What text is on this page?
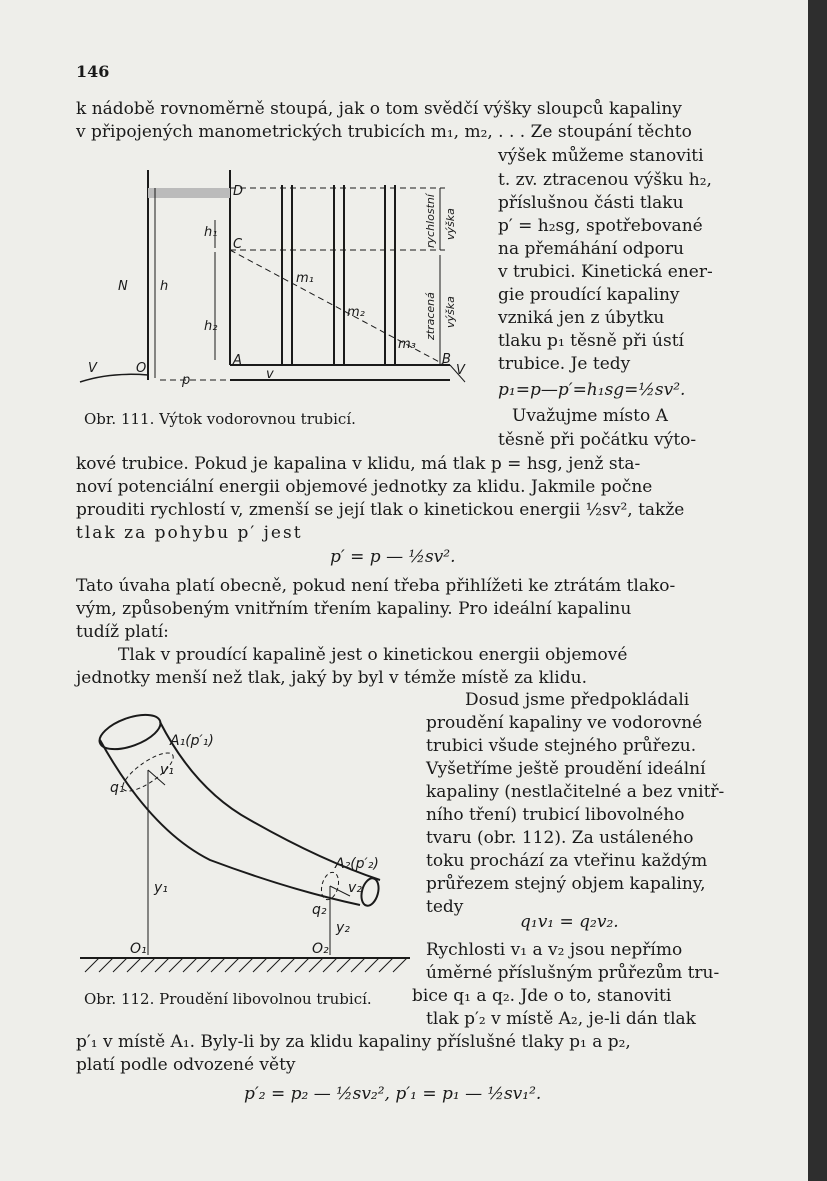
146
k nádobě rovnoměrně stoupá, jak o tom svědčí výšky sloupců kapaliny
v připojených manometrických trubicích m₁, m₂, . . . Ze stoupání těchto
výšek můžeme stanoviti
t. zv. ztracenou výšku h₂,
příslušnou části tlaku
p′ = h₂sg, spotřebované
na přemáhání odporu
v trubici. Kinetická ener-
gie proudící kapaliny
vzniká jen z úbytku
tlaku p₁ těsně při ústí
trubice. Je tedy
p₁=p—p′=h₁sg=½sv².
Uvažujme místo A
těsně při počátku výto-
D
C
A	B
O
N h
h₁
h₂
p
V	V
v
m₁
m₂
m₃
rychlostní výška
ztracená výška
Obr. 111. Výtok vodorovnou trubicí.
kové trubice. Pokud je kapalina v klidu, má tlak p = hsg, jenž sta-
noví potenciální energii objemové jednotky za klidu. Jakmile počne
prouditi rychlostí v, zmenší se její tlak o kinetickou energii ½sv², takže
tlak za pohybu p′ jest
p′ = p — ½sv².
Tato úvaha platí obecně, pokud není třeba přihlížeti ke ztrátám tlako-
vým, způsobeným vnitřním třením kapaliny. Pro ideální kapalinu
tudíž platí:
Tlak v proudící kapalině jest o kinetickou energii objemové
jednotky menší než tlak, jaký by byl v témže místě za klidu.
Dosud jsme předpokládali
proudění kapaliny ve vodorovné
trubici všude stejného průřezu.
Vyšetříme ještě proudění ideální
kapaliny (nestlačitelné a bez vnitř-
ního tření) trubicí libovolného
tvaru (obr. 112). Za ustáleného
toku prochází za vteřinu každým
průřezem stejný objem kapaliny,
tedy
q₁v₁ = q₂v₂.
Rychlosti v₁ a v₂ jsou nepřímo
úměrné příslušným průřezům tru-
bice q₁ a q₂. Jde o to, stanoviti
tlak p′₂ v místě A₂, je-li dán tlak
A₁(p′₁)
v₁
q₁
y₁
O₁
A₂(p′₂)
v₂
q₂
y₂
O₂
Obr. 112. Proudění libovolnou trubicí.
p′₁ v místě A₁. Byly-li by za klidu kapaliny příslušné tlaky p₁ a p₂,
platí podle odvozené věty
p′₂ = p₂ — ½sv₂², p′₁ = p₁ — ½sv₁².
